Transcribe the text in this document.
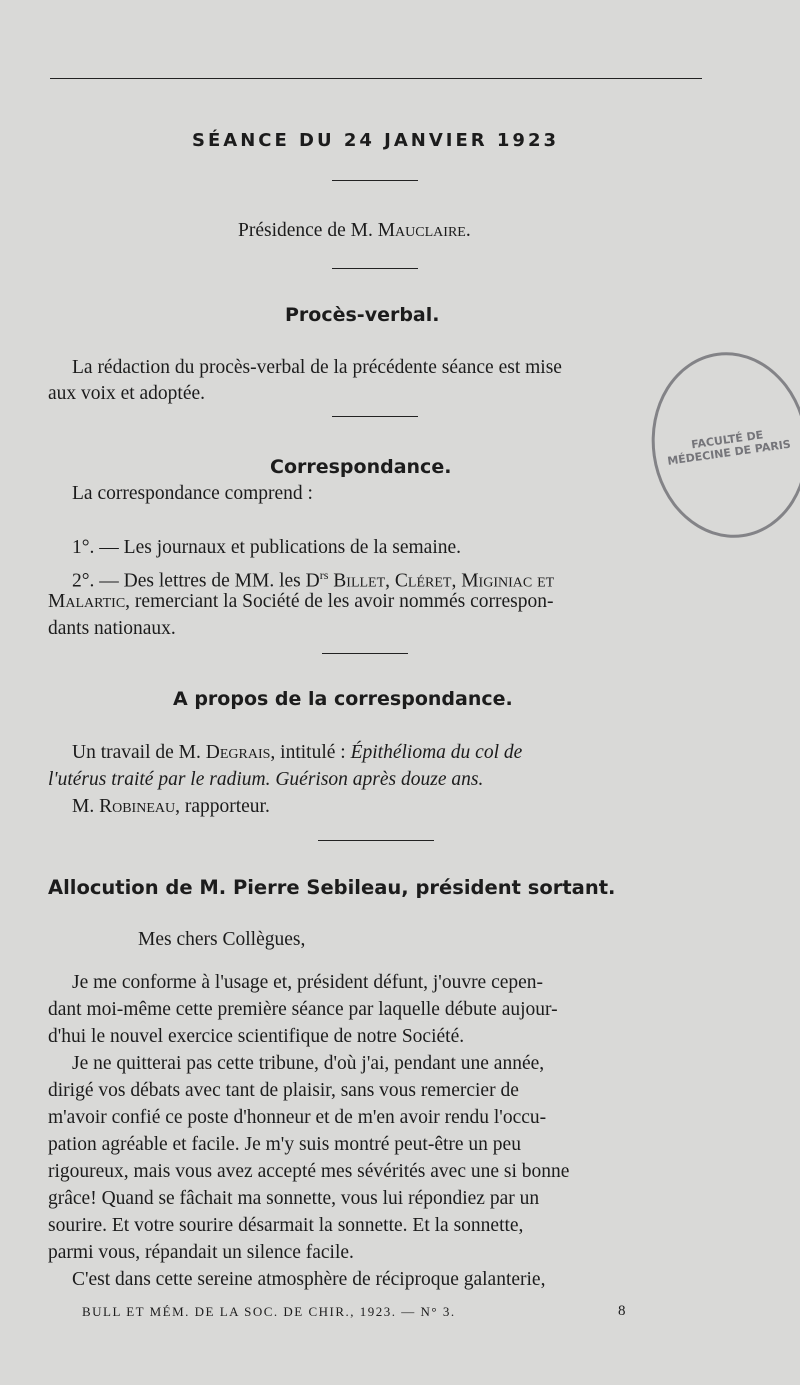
SÉANCE DU 24 JANVIER 1923
Présidence de M. Mauclaire.
Procès-verbal.
La rédaction du procès-verbal de la précédente séance est mise
aux voix et adoptée.
Correspondance.
La correspondance comprend :
1°. — Les journaux et publications de la semaine.
2°. — Des lettres de MM. les $D^{rs}$ Billet, Cléret, Miginiac et
Malartic, remerciant la Société de les avoir nommés correspon-
dants nationaux.
A propos de la correspondance.
Un travail de M. Degrais, intitulé : Épithélioma du col de
l'utérus traité par le radium. Guérison après douze ans.
M. Robineau, rapporteur.
Allocution de M. Pierre Sebileau, président sortant.
Mes chers Collègues,
Je me conforme à l'usage et, président défunt, j'ouvre cepen-
dant moi-même cette première séance par laquelle débute aujour-
d'hui le nouvel exercice scientifique de notre Société.
Je ne quitterai pas cette tribune, d'où j'ai, pendant une année,
dirigé vos débats avec tant de plaisir, sans vous remercier de
m'avoir confié ce poste d'honneur et de m'en avoir rendu l'occu-
pation agréable et facile. Je m'y suis montré peut-être un peu
rigoureux, mais vous avez accepté mes sévérités avec une si bonne
grâce! Quand se fâchait ma sonnette, vous lui répondiez par un
sourire. Et votre sourire désarmait la sonnette. Et la sonnette,
parmi vous, répandait un silence facile.
C'est dans cette sereine atmosphère de réciproque galanterie,
BULL ET MÉM. DE LA SOC. DE CHIR., 1923. — N° 3.	8
FACULTÉ DE MÉDECINE DE PARIS
